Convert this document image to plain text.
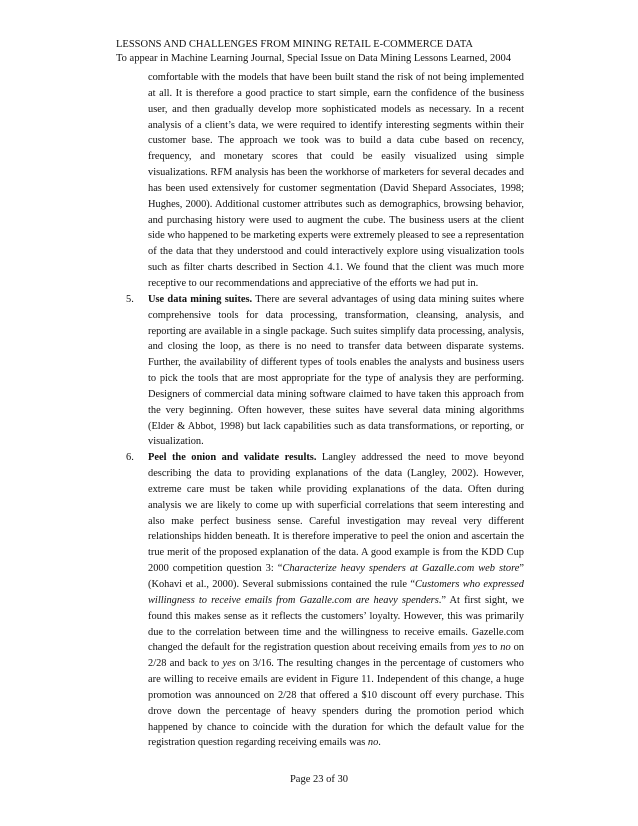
LESSONS AND CHALLENGES FROM MINING RETAIL E-COMMERCE DATA
To appear in Machine Learning Journal, Special Issue on Data Mining Lessons Learned, 2004

comfortable with the models that have been built stand the risk of not being implemented at all. It is therefore a good practice to start simple, earn the confidence of the business user, and then gradually develop more sophisticated models as necessary. In a recent analysis of a client’s data, we were required to identify interesting segments within their customer base. The approach we took was to build a data cube based on recency, frequency, and monetary scores that could be easily visualized using simple visualizations. RFM analysis has been the workhorse of marketers for several decades and has been used extensively for customer segmentation (David Shepard Associates, 1998; Hughes, 2000). Additional customer attributes such as demographics, browsing behavior, and purchasing history were used to augment the cube. The business users at the client side who happened to be marketing experts were extremely pleased to see a representation of the data that they understood and could interactively explore using visualization tools such as filter charts described in Section 4.1. We found that the client was much more receptive to our recommendations and appreciative of the efforts we had put in.

5. Use data mining suites. There are several advantages of using data mining suites where comprehensive tools for data processing, transformation, cleansing, analysis, and reporting are available in a single package. Such suites simplify data processing, analysis, and closing the loop, as there is no need to transfer data between disparate systems. Further, the availability of different types of tools enables the analysts and business users to pick the tools that are most appropriate for the type of analysis they are performing. Designers of commercial data mining software claimed to have taken this approach from the very beginning. Often however, these suites have several data mining algorithms (Elder & Abbot, 1998) but lack capabilities such as data transformations, or reporting, or visualization.

6. Peel the onion and validate results. Langley addressed the need to move beyond describing the data to providing explanations of the data (Langley, 2002). However, extreme care must be taken while providing explanations of the data. Often during analysis we are likely to come up with superficial correlations that seem interesting and also make perfect business sense. Careful investigation may reveal very different relationships hidden beneath. It is therefore imperative to peel the onion and ascertain the true merit of the proposed explanation of the data. A good example is from the KDD Cup 2000 competition question 3: “Characterize heavy spenders at Gazalle.com web store” (Kohavi et al., 2000). Several submissions contained the rule “Customers who expressed willingness to receive emails from Gazalle.com are heavy spenders.” At first sight, we found this makes sense as it reflects the customers’ loyalty. However, this was primarily due to the correlation between time and the willingness to receive emails. Gazelle.com changed the default for the registration question about receiving emails from yes to no on 2/28 and back to yes on 3/16. The resulting changes in the percentage of customers who are willing to receive emails are evident in Figure 11. Independent of this change, a huge promotion was announced on 2/28 that offered a $10 discount off every purchase. This drove down the percentage of heavy spenders during the promotion period which happened by chance to coincide with the duration for which the default value for the registration question regarding receiving emails was no.

Page 23 of 30
